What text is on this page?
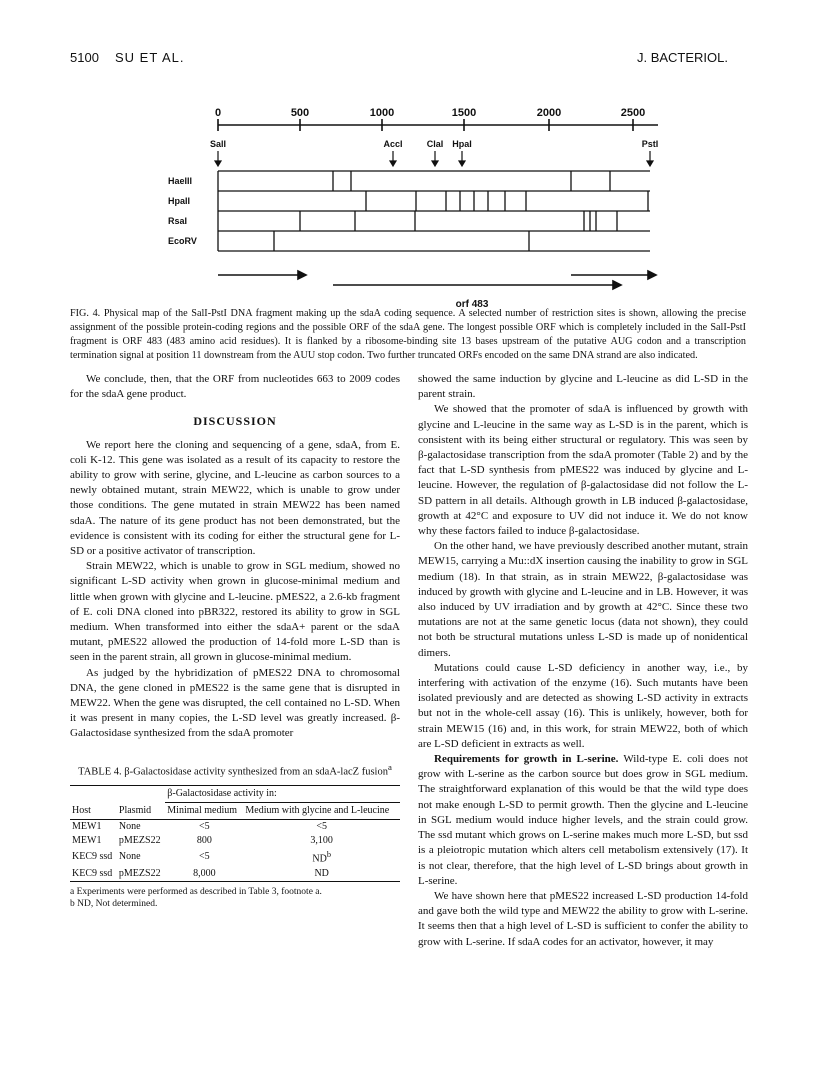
5100 SU ET AL.	J. BACTERIOL.
0	500	1000	1500	2000	2500
SalI	AccI	ClaI HpaI	PstI
HaeIII
HpaII
RsaI
EcoRV
orf 483
FIG. 4. Physical map of the SalI-PstI DNA fragment making up the sdaA coding sequence. A selected number of restriction sites is shown, allowing the precise assignment of the possible protein-coding regions and the possible ORF of the sdaA gene. The longest possible ORF which is completely included in the SalI-PstI fragment is ORF 483 (483 amino acid residues). It is flanked by a ribosome-binding site 13 bases upstream of the putative AUG codon and a transcription termination signal at position 11 downstream from the AUU stop codon. Two further truncated ORFs encoded on the same DNA strand are also indicated.

We conclude, then, that the ORF from nucleotides 663 to 2009 codes for the sdaA gene product.

DISCUSSION

We report here the cloning and sequencing of a gene, sdaA, from E. coli K-12. This gene was isolated as a result of its capacity to restore the ability to grow with serine, glycine, and L-leucine as carbon sources to a newly obtained mutant, strain MEW22, which is unable to grow under those conditions. The gene mutated in strain MEW22 has been named sdaA. The nature of its gene product has not been demonstrated, but the evidence is consistent with its coding for either the structural gene for L-SD or a positive activator of transcription.

Strain MEW22, which is unable to grow in SGL medium, showed no significant L-SD activity when grown in glucose-minimal medium and little when grown with glycine and L-leucine. pMES22, a 2.6-kb fragment of E. coli DNA cloned into pBR322, restored its ability to grow in SGL medium. When transformed into either the sdaA+ parent or the sdaA mutant, pMES22 allowed the production of 14-fold more L-SD than is seen in the parent strain, all grown in glucose-minimal medium.

As judged by the hybridization of pMES22 DNA to chromosomal DNA, the gene cloned in pMES22 is the same gene that is disrupted in MEW22. When the gene was disrupted, the cell contained no L-SD. When it was present in many copies, the L-SD level was greatly increased. β-Galactosidase synthesized from the sdaA promoter

TABLE 4. β-Galactosidase activity synthesized from an sdaA-lacZ fusion$^a$
Host	Plasmid	β-Galactosidase activity in:	
		Minimal medium	Medium with glycine and L-leucine
MEW1	None	<5	<5
MEW1	pMEZS22	800	3,100
KEC9 ssd	None	<5	$ND^b$
KEC9 ssd	pMEZS22	8,000	ND
a Experiments were performed as described in Table 3, footnote a.
b ND, Not determined.

showed the same induction by glycine and L-leucine as did L-SD in the parent strain.

We showed that the promoter of sdaA is influenced by growth with glycine and L-leucine in the same way as L-SD is in the parent, which is consistent with its being either structural or regulatory. This was seen by β-galactosidase transcription from the sdaA promoter (Table 2) and by the fact that L-SD synthesis from pMES22 was induced by glycine and L-leucine. However, the regulation of β-galactosidase did not follow the L-SD pattern in all details. Although growth in LB induced β-galactosidase, growth at 42°C and exposure to UV did not induce it. We do not know why these factors failed to induce β-galactosidase.

On the other hand, we have previously described another mutant, strain MEW15, carrying a Mu::dX insertion causing the inability to grow in SGL medium (18). In that strain, as in strain MEW22, β-galactosidase was induced by growth with glycine and L-leucine and in LB. However, it was also induced by UV irradiation and by growth at 42°C. Since these two mutations are not at the same genetic locus (data not shown), they could not both be structural mutations unless L-SD is made up of nonidentical dimers.

Mutations could cause L-SD deficiency in another way, i.e., by interfering with activation of the enzyme (16). Such mutants have been isolated previously and are detected as showing L-SD activity in extracts but not in the whole-cell assay (16). This is unlikely, however, both for strain MEW15 (16) and, in this work, for strain MEW22, both of which are L-SD deficient in extracts as well.

Requirements for growth in L-serine. Wild-type E. coli does not grow with L-serine as the carbon source but does grow in SGL medium. The straightforward explanation of this would be that the wild type does not make enough L-SD to permit growth. Then the glycine and L-leucine in SGL medium would induce higher levels, and the strain could grow. The ssd mutant which grows on L-serine makes much more L-SD, but ssd is a pleiotropic mutation which alters cell metabolism extensively (17). It is not clear, therefore, that the high level of L-SD brings about growth in L-serine.

We have shown here that pMES22 increased L-SD production 14-fold and gave both the wild type and MEW22 the ability to grow with L-serine. It seems then that a high level of L-SD is sufficient to confer the ability to grow with L-serine. If sdaA codes for an activator, however, it may
